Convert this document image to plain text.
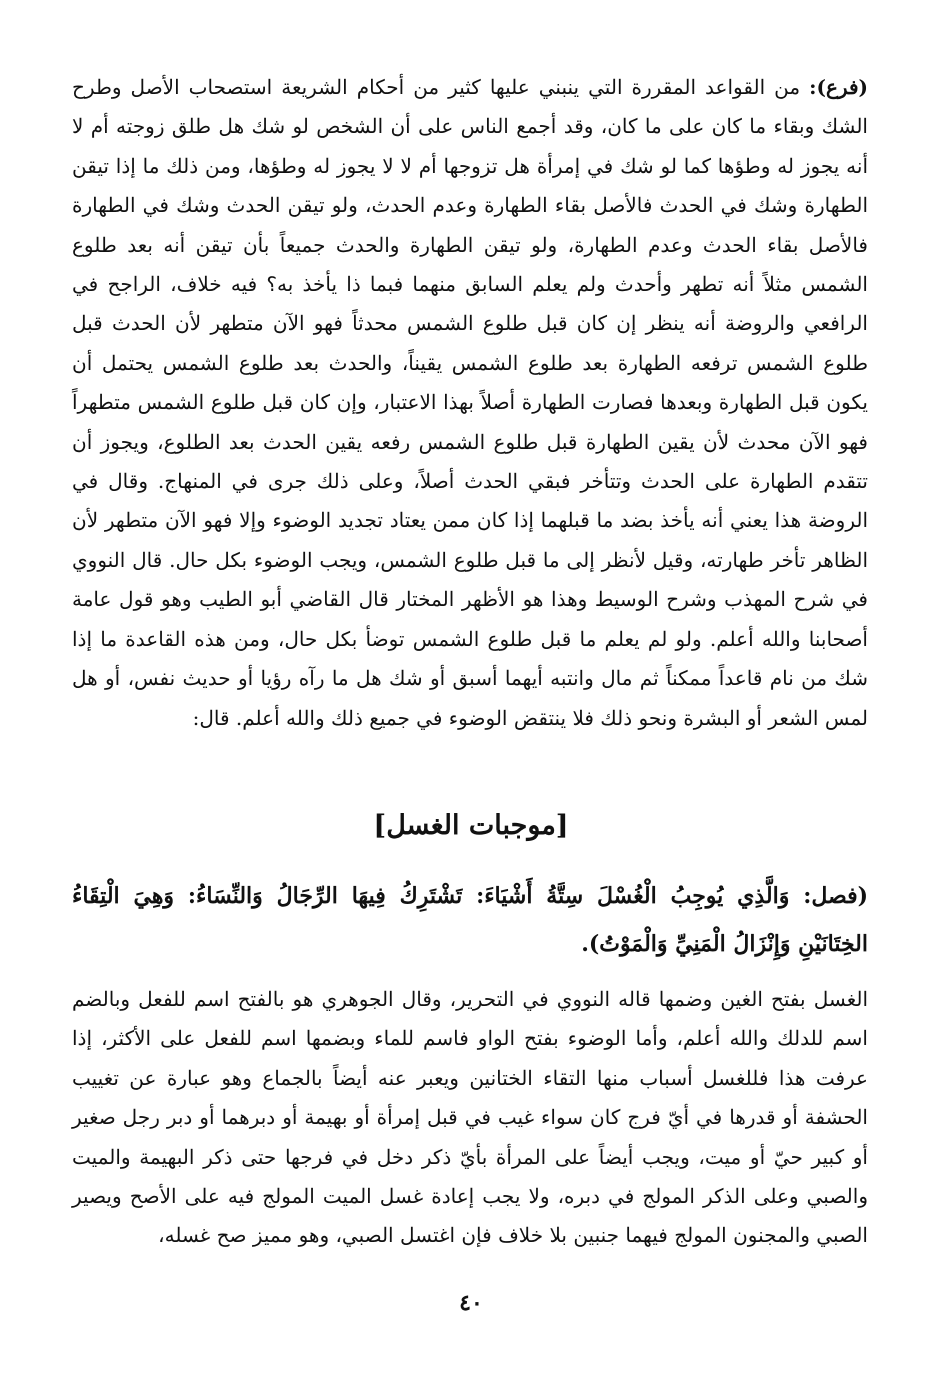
(فرع): من القواعد المقررة التي ينبني عليها كثير من أحكام الشريعة استصحاب الأصل وطرح الشك وبقاء ما كان على ما كان، وقد أجمع الناس على أن الشخص لو شك هل طلق زوجته أم لا أنه يجوز له وطؤها كما لو شك في إمرأة هل تزوجها أم لا لا يجوز له وطؤها، ومن ذلك ما إذا تيقن الطهارة وشك في الحدث فالأصل بقاء الطهارة وعدم الحدث، ولو تيقن الحدث وشك في الطهارة فالأصل بقاء الحدث وعدم الطهارة، ولو تيقن الطهارة والحدث جميعاً بأن تيقن أنه بعد طلوع الشمس مثلاً أنه تطهر وأحدث ولم يعلم السابق منهما فبما ذا يأخذ به؟ فيه خلاف، الراجح في الرافعي والروضة أنه ينظر إن كان قبل طلوع الشمس محدثاً فهو الآن متطهر لأن الحدث قبل طلوع الشمس ترفعه الطهارة بعد طلوع الشمس يقيناً، والحدث بعد طلوع الشمس يحتمل أن يكون قبل الطهارة وبعدها فصارت الطهارة أصلاً بهذا الاعتبار، وإن كان قبل طلوع الشمس متطهراً فهو الآن محدث لأن يقين الطهارة قبل طلوع الشمس رفعه يقين الحدث بعد الطلوع، ويجوز أن تتقدم الطهارة على الحدث وتتأخر فبقي الحدث أصلاً، وعلى ذلك جرى في المنهاج. وقال في الروضة هذا يعني أنه يأخذ بضد ما قبلهما إذا كان ممن يعتاد تجديد الوضوء وإلا فهو الآن متطهر لأن الظاهر تأخر طهارته، وقيل لأنظر إلى ما قبل طلوع الشمس، ويجب الوضوء بكل حال. قال النووي في شرح المهذب وشرح الوسيط وهذا هو الأظهر المختار قال القاضي أبو الطيب وهو قول عامة أصحابنا والله أعلم. ولو لم يعلم ما قبل طلوع الشمس توضأ بكل حال، ومن هذه القاعدة ما إذا شك من نام قاعداً ممكناً ثم مال وانتبه أيهما أسبق أو شك هل ما رآه رؤيا أو حديث نفس، أو هل لمس الشعر أو البشرة ونحو ذلك فلا ينتقض الوضوء في جميع ذلك والله أعلم. قال:

[موجبات الغسل]

(فصل: وَالَّذِي يُوجِبُ الْغُسْلَ سِتَّةُ أَشْيَاءَ: تَشْتَرِكُ فِيهَا الرِّجَالُ وَالنِّسَاءُ: وَهِيَ الْتِقَاءُ الخِتَانَيْنِ وَإِنْزَالُ الْمَنِيِّ وَالْمَوْتُ).

الغسل بفتح الغين وضمها قاله النووي في التحرير، وقال الجوهري هو بالفتح اسم للفعل وبالضم اسم للدلك والله أعلم، وأما الوضوء بفتح الواو فاسم للماء وبضمها اسم للفعل على الأكثر، إذا عرفت هذا فللغسل أسباب منها التقاء الختانين ويعبر عنه أيضاً بالجماع وهو عبارة عن تغييب الحشفة أو قدرها في أيّ فرج كان سواء غيب في قبل إمرأة أو بهيمة أو دبرهما أو دبر رجل صغير أو كبير حيّ أو ميت، ويجب أيضاً على المرأة بأيّ ذكر دخل في فرجها حتى ذكر البهيمة والميت والصبي وعلى الذكر المولج في دبره، ولا يجب إعادة غسل الميت المولج فيه على الأصح ويصير الصبي والمجنون المولج فيهما جنبين بلا خلاف فإن اغتسل الصبي، وهو مميز صح غسله،

٤٠
